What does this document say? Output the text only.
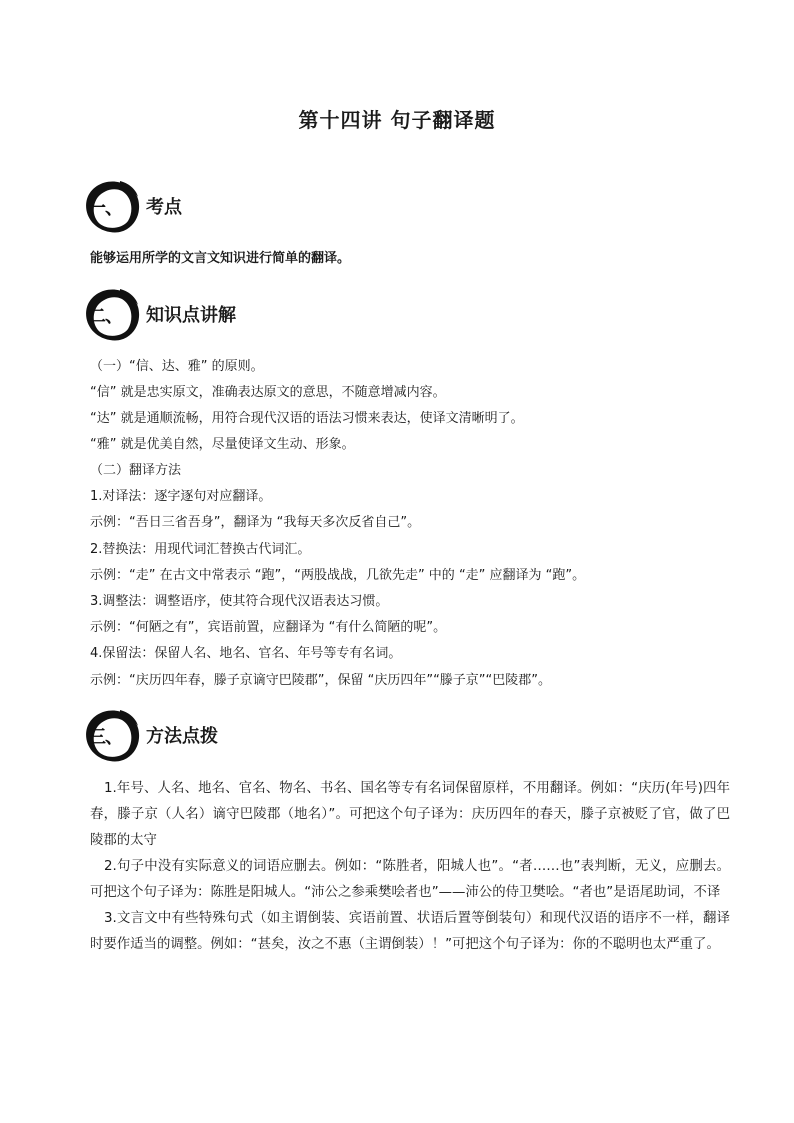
第十四讲 句子翻译题
一、 考点
能够运用所学的文言文知识进行简单的翻译。
二、 知识点讲解
（一）“信、达、雅” 的原则。
“信” 就是忠实原文，准确表达原文的意思，不随意增减内容。
“达” 就是通顺流畅，用符合现代汉语的语法习惯来表达，使译文清晰明了。
“雅” 就是优美自然，尽量使译文生动、形象。
（二）翻译方法
1.对译法：逐字逐句对应翻译。
示例：“吾日三省吾身”，翻译为 “我每天多次反省自己”。
2.替换法：用现代词汇替换古代词汇。
示例：“走” 在古文中常表示 “跑”，“两股战战，几欲先走” 中的 “走” 应翻译为 “跑”。
3.调整法：调整语序，使其符合现代汉语表达习惯。
示例：“何陋之有”，宾语前置，应翻译为 “有什么简陋的呢”。
4.保留法：保留人名、地名、官名、年号等专有名词。
示例：“庆历四年春，滕子京谪守巴陵郡”，保留 “庆历四年”“滕子京”“巴陵郡”。
三、 方法点拨

1.年号、人名、地名、官名、物名、书名、国名等专有名词保留原样，不用翻译。例如：“庆历(年号)四年春，滕子京（人名）谪守巴陵郡（地名）”。可把这个句子译为：庆历四年的春天，滕子京被贬了官，做了巴陵郡的太守

2.句子中没有实际意义的词语应删去。例如：“陈胜者，阳城人也”。“者……也”表判断，无义，应删去。可把这个句子译为：陈胜是阳城人。“沛公之参乘樊哙者也”——沛公的侍卫樊哙。“者也”是语尾助词，不译

3.文言文中有些特殊句式（如主谓倒装、宾语前置、状语后置等倒装句）和现代汉语的语序不一样，翻译时要作适当的调整。例如：“甚矣，汝之不惠（主谓倒装）！”可把这个句子译为：你的不聪明也太严重了。
